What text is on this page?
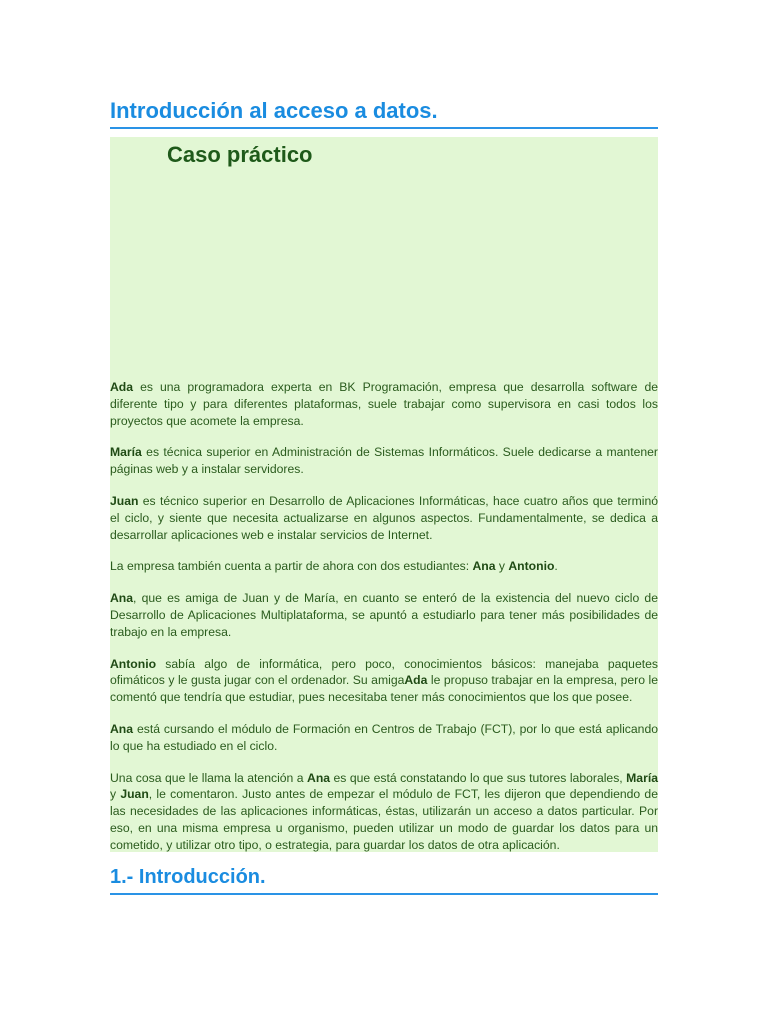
Introducción al acceso a datos.
Caso práctico

Ada es una programadora experta en BK Programación, empresa que desarrolla software de diferente tipo y para diferentes plataformas, suele trabajar como supervisora en casi todos los proyectos que acomete la empresa.

María es técnica superior en Administración de Sistemas Informáticos. Suele dedicarse a mantener páginas web y a instalar servidores.

Juan es técnico superior en Desarrollo de Aplicaciones Informáticas, hace cuatro años que terminó el ciclo, y siente que necesita actualizarse en algunos aspectos. Fundamentalmente, se dedica a desarrollar aplicaciones web e instalar servicios de Internet.

La empresa también cuenta a partir de ahora con dos estudiantes: Ana y Antonio.

Ana, que es amiga de Juan y de María, en cuanto se enteró de la existencia del nuevo ciclo de Desarrollo de Aplicaciones Multiplataforma, se apuntó a estudiarlo para tener más posibilidades de trabajo en la empresa.

Antonio sabía algo de informática, pero poco, conocimientos básicos: manejaba paquetes ofimáticos y le gusta jugar con el ordenador. Su amigaAda le propuso trabajar en la empresa, pero le comentó que tendría que estudiar, pues necesitaba tener más conocimientos que los que posee.

Ana está cursando el módulo de Formación en Centros de Trabajo (FCT), por lo que está aplicando lo que ha estudiado en el ciclo.

Una cosa que le llama la atención a Ana es que está constatando lo que sus tutores laborales, María y Juan, le comentaron. Justo antes de empezar el módulo de FCT, les dijeron que dependiendo de las necesidades de las aplicaciones informáticas, éstas, utilizarán un acceso a datos particular. Por eso, en una misma empresa u organismo, pueden utilizar un modo de guardar los datos para un cometido, y utilizar otro tipo, o estrategia, para guardar los datos de otra aplicación.

1.- Introducción.
